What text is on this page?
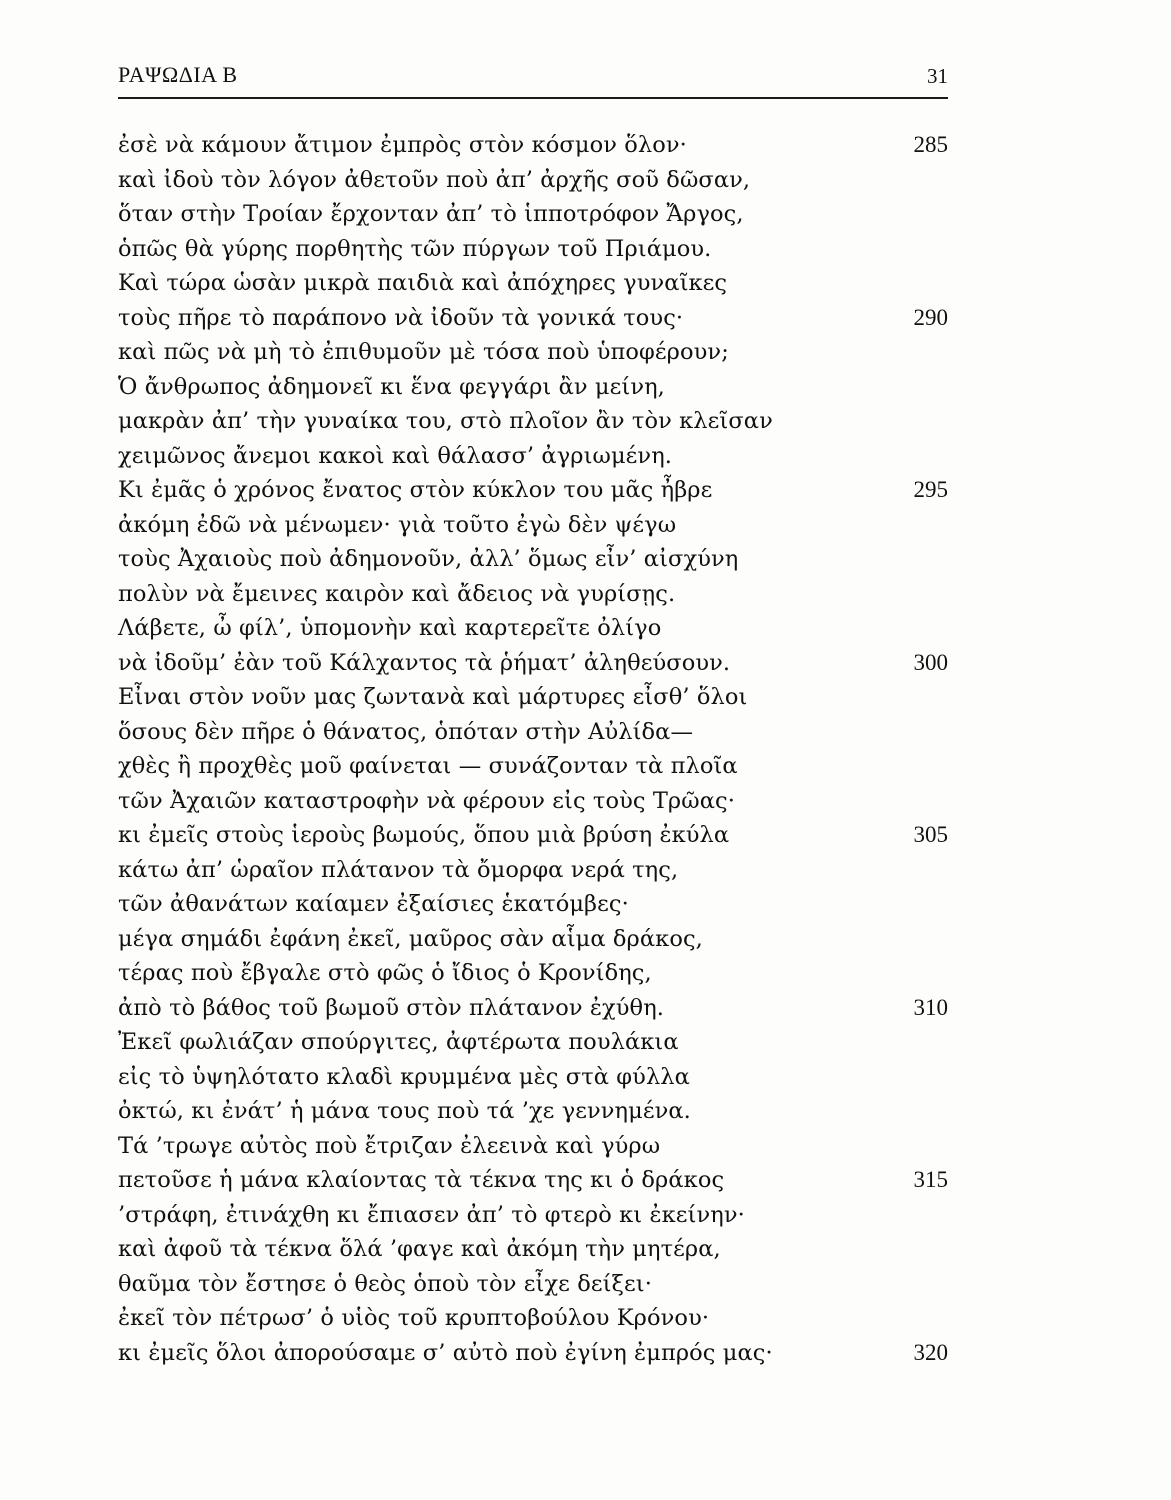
ΡΑΨΩΔΙΑ Β	31
ἐσὲ νὰ κάμουν ἄτιμον ἐμπρὸς στὸν κόσμον ὅλον·	285
καὶ ἰδοὺ τὸν λόγον ἀθετοῦν ποὺ ἀπ’ ἀρχῆς σοῦ δῶσαν,
ὅταν στὴν Τροίαν ἔρχονταν ἀπ’ τὸ ἱπποτρόφον Ἄργος,
ὁπῶς θὰ γύρης πορθητὴς τῶν πύργων τοῦ Πριάμου.
Καὶ τώρα ὡσὰν μικρὰ παιδιὰ καὶ ἀπόχηρες γυναῖκες
τοὺς πῆρε τὸ παράπονο νὰ ἰδοῦν τὰ γονικά τους·	290
καὶ πῶς νὰ μὴ τὸ ἐπιθυμοῦν μὲ τόσα ποὺ ὑποφέρουν;
Ὁ ἄνθρωπος ἀδημονεῖ κι ἕνα φεγγάρι ἂν μείνη,
μακρὰν ἀπ’ τὴν γυναίκα του, στὸ πλοῖον ἂν τὸν κλεῖσαν
χειμῶνος ἄνεμοι κακοὶ καὶ θάλασσ’ ἀγριωμένη.
Κι ἐμᾶς ὁ χρόνος ἔνατος στὸν κύκλον του μᾶς ἦβρε	295
ἀκόμη ἐδῶ νὰ μένωμεν· γιὰ τοῦτο ἐγὼ δὲν ψέγω
τοὺς Ἀχαιοὺς ποὺ ἀδημονοῦν, ἀλλ’ ὅμως εἶν’ αἰσχύνη
πολὺν νὰ ἔμεινες καιρὸν καὶ ἄδειος νὰ γυρίσῃς.
Λάβετε, ὦ φίλ’, ὑπομονὴν καὶ καρτερεῖτε ὀλίγο
νὰ ἰδοῦμ’ ἐὰν τοῦ Κάλχαντος τὰ ῥήματ’ ἀληθεύσουν.	300
Εἶναι στὸν νοῦν μας ζωντανὰ καὶ μάρτυρες εἶσθ’ ὅλοι
ὅσους δὲν πῆρε ὁ θάνατος, ὁπόταν στὴν Αὐλίδα—
χθὲς ἢ προχθὲς μοῦ φαίνεται — συνάζονταν τὰ πλοῖα
τῶν Ἀχαιῶν καταστροφὴν νὰ φέρουν εἰς τοὺς Τρῶας·
κι ἐμεῖς στοὺς ἱεροὺς βωμούς, ὅπου μιὰ βρύση ἐκύλα	305
κάτω ἀπ’ ὡραῖον πλάτανον τὰ ὄμορφα νερά της,
τῶν ἀθανάτων καίαμεν ἐξαίσιες ἑκατόμβες·
μέγα σημάδι ἐφάνη ἐκεῖ, μαῦρος σὰν αἷμα δράκος,
τέρας ποὺ ἔβγαλε στὸ φῶς ὁ ἴδιος ὁ Κρονίδης,
ἀπὸ τὸ βάθος τοῦ βωμοῦ στὸν πλάτανον ἐχύθη.	310
Ἐκεῖ φωλιάζαν σπούργιτες, ἀφτέρωτα πουλάκια
εἰς τὸ ὑψηλότατο κλαδὶ κρυμμένα μὲς στὰ φύλλα
ὀκτώ, κι ἐνάτ’ ἡ μάνα τους ποὺ τά ’χε γεννημένα.
Τά ’τρωγε αὐτὸς ποὺ ἔτριζαν ἐλεεινὰ καὶ γύρω
πετοῦσε ἡ μάνα κλαίοντας τὰ τέκνα της κι ὁ δράκος	315
’στράφη, ἐτινάχθη κι ἔπιασεν ἀπ’ τὸ φτερὸ κι ἐκείνην·
καὶ ἀφοῦ τὰ τέκνα ὅλά ’φαγε καὶ ἀκόμη τὴν μητέρα,
θαῦμα τὸν ἔστησε ὁ θεὸς ὁποὺ τὸν εἶχε δείξει·
ἐκεῖ τὸν πέτρωσ’ ὁ υἱὸς τοῦ κρυπτοβούλου Κρόνου·
κι ἐμεῖς ὅλοι ἀπορούσαμε σ’ αὐτὸ ποὺ ἐγίνη ἐμπρός μας·	320
